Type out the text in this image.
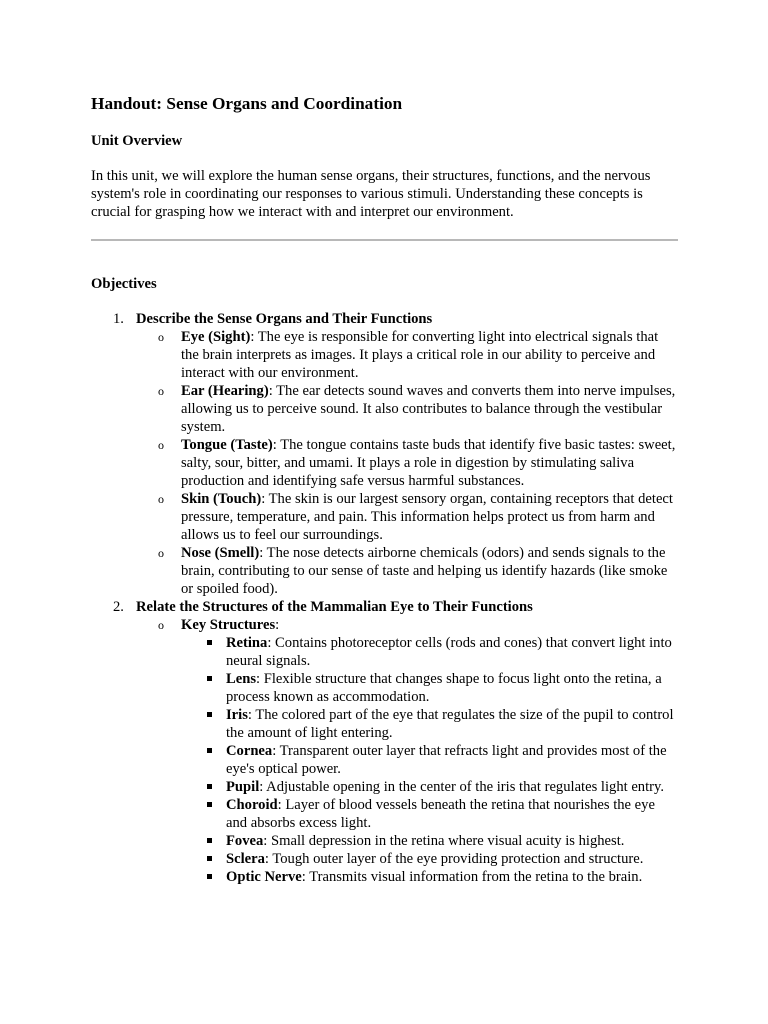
Handout: Sense Organs and Coordination
Unit Overview

In this unit, we will explore the human sense organs, their structures, functions, and the nervous system's role in coordinating our responses to various stimuli. Understanding these concepts is crucial for grasping how we interact with and interpret our environment.

Objectives
1. Describe the Sense Organs and Their Functions
o Eye (Sight): The eye is responsible for converting light into electrical signals that the brain interprets as images. It plays a critical role in our ability to perceive and interact with our environment.
o Ear (Hearing): The ear detects sound waves and converts them into nerve impulses, allowing us to perceive sound. It also contributes to balance through the vestibular system.
o Tongue (Taste): The tongue contains taste buds that identify five basic tastes: sweet, salty, sour, bitter, and umami. It plays a role in digestion by stimulating saliva production and identifying safe versus harmful substances.
o Skin (Touch): The skin is our largest sensory organ, containing receptors that detect pressure, temperature, and pain. This information helps protect us from harm and allows us to feel our surroundings.
o Nose (Smell): The nose detects airborne chemicals (odors) and sends signals to the brain, contributing to our sense of taste and helping us identify hazards (like smoke or spoiled food).
2. Relate the Structures of the Mammalian Eye to Their Functions
o Key Structures:
Retina: Contains photoreceptor cells (rods and cones) that convert light into neural signals.
Lens: Flexible structure that changes shape to focus light onto the retina, a process known as accommodation.
Iris: The colored part of the eye that regulates the size of the pupil to control the amount of light entering.
Cornea: Transparent outer layer that refracts light and provides most of the eye's optical power.
Pupil: Adjustable opening in the center of the iris that regulates light entry.
Choroid: Layer of blood vessels beneath the retina that nourishes the eye and absorbs excess light.
Fovea: Small depression in the retina where visual acuity is highest.
Sclera: Tough outer layer of the eye providing protection and structure.
Optic Nerve: Transmits visual information from the retina to the brain.
